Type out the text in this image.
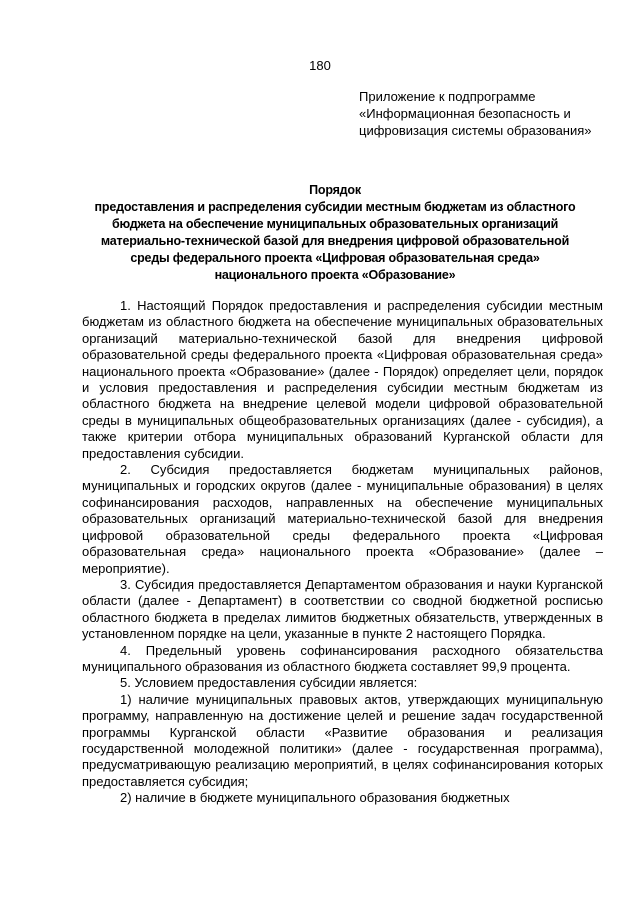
180
Приложение к подпрограмме
«Информационная безопасность и
цифровизация системы образования»
Порядок
предоставления и распределения субсидии местным бюджетам из областного
бюджета на обеспечение муниципальных образовательных организаций
материально-технической базой для внедрения цифровой образовательной
среды федерального проекта «Цифровая образовательная среда»
национального проекта «Образование»

1. Настоящий Порядок предоставления и распределения субсидии местным бюджетам из областного бюджета на обеспечение муниципальных образовательных организаций материально-технической базой для внедрения цифровой образовательной среды федерального проекта «Цифровая образовательная среда» национального проекта «Образование» (далее - Порядок) определяет цели, порядок и условия предоставления и распределения субсидии местным бюджетам из областного бюджета на внедрение целевой модели цифровой образовательной среды в муниципальных общеобразовательных организациях (далее - субсидия), а также критерии отбора муниципальных образований Курганской области для предоставления субсидии.

2. Субсидия предоставляется бюджетам муниципальных районов, муниципальных и городских округов (далее - муниципальные образования) в целях софинансирования расходов, направленных на обеспечение муниципальных образовательных организаций материально-технической базой для внедрения цифровой образовательной среды федерального проекта «Цифровая образовательная среда» национального проекта «Образование» (далее – мероприятие).

3. Субсидия предоставляется Департаментом образования и науки Курганской области (далее - Департамент) в соответствии со сводной бюджетной росписью областного бюджета в пределах лимитов бюджетных обязательств, утвержденных в установленном порядке на цели, указанные в пункте 2 настоящего Порядка.

4. Предельный уровень софинансирования расходного обязательства муниципального образования из областного бюджета составляет 99,9 процента.

5. Условием предоставления субсидии является:

1) наличие муниципальных правовых актов, утверждающих муниципальную программу, направленную на достижение целей и решение задач государственной программы Курганской области «Развитие образования и реализация государственной молодежной политики» (далее - государственная программа), предусматривающую реализацию мероприятий, в целях софинансирования которых предоставляется субсидия;

2) наличие в бюджете муниципального образования бюджетных
